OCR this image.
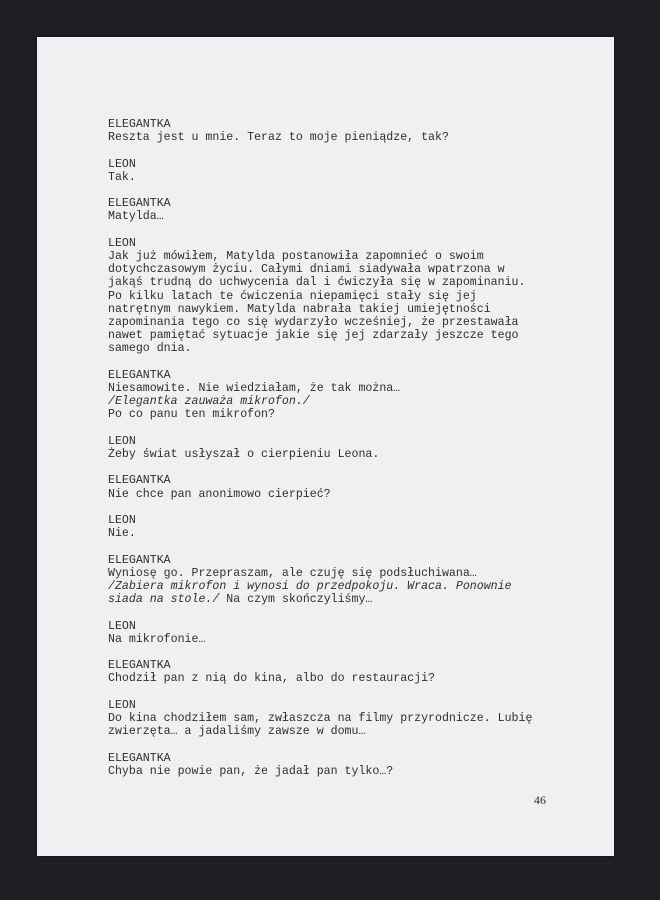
ELEGANTKA
Reszta jest u mnie. Teraz to moje pieniądze, tak?
LEON
Tak.
ELEGANTKA
Matylda…
LEON
Jak już mówiłem, Matylda postanowiła zapomnieć o swoim
dotychczasowym życiu. Całymi dniami siadywała wpatrzona w
jakąś trudną do uchwycenia dal i ćwiczyła się w zapominaniu.
Po kilku latach te ćwiczenia niepamięci stały się jej
natrętnym nawykiem. Matylda nabrała takiej umiejętności
zapominania tego co się wydarzyło wcześniej, że przestawała
nawet pamiętać sytuacje jakie się jej zdarzały jeszcze tego
samego dnia.
ELEGANTKA
Niesamowite. Nie wiedziałam, że tak można…
/Elegantka zauważa mikrofon./
Po co panu ten mikrofon?
LEON
Żeby świat usłyszał o cierpieniu Leona.
ELEGANTKA
Nie chce pan anonimowo cierpieć?
LEON
Nie.
ELEGANTKA
Wyniosę go. Przepraszam, ale czuję się podsłuchiwana…
/Zabiera mikrofon i wynosi do przedpokoju. Wraca. Ponownie
siada na stole./ Na czym skończyliśmy…
LEON
Na mikrofonie…
ELEGANTKA
Chodził pan z nią do kina, albo do restauracji?
LEON
Do kina chodziłem sam, zwłaszcza na filmy przyrodnicze. Lubię
zwierzęta… a jadaliśmy zawsze w domu…
ELEGANTKA
Chyba nie powie pan, że jadał pan tylko…?
46
